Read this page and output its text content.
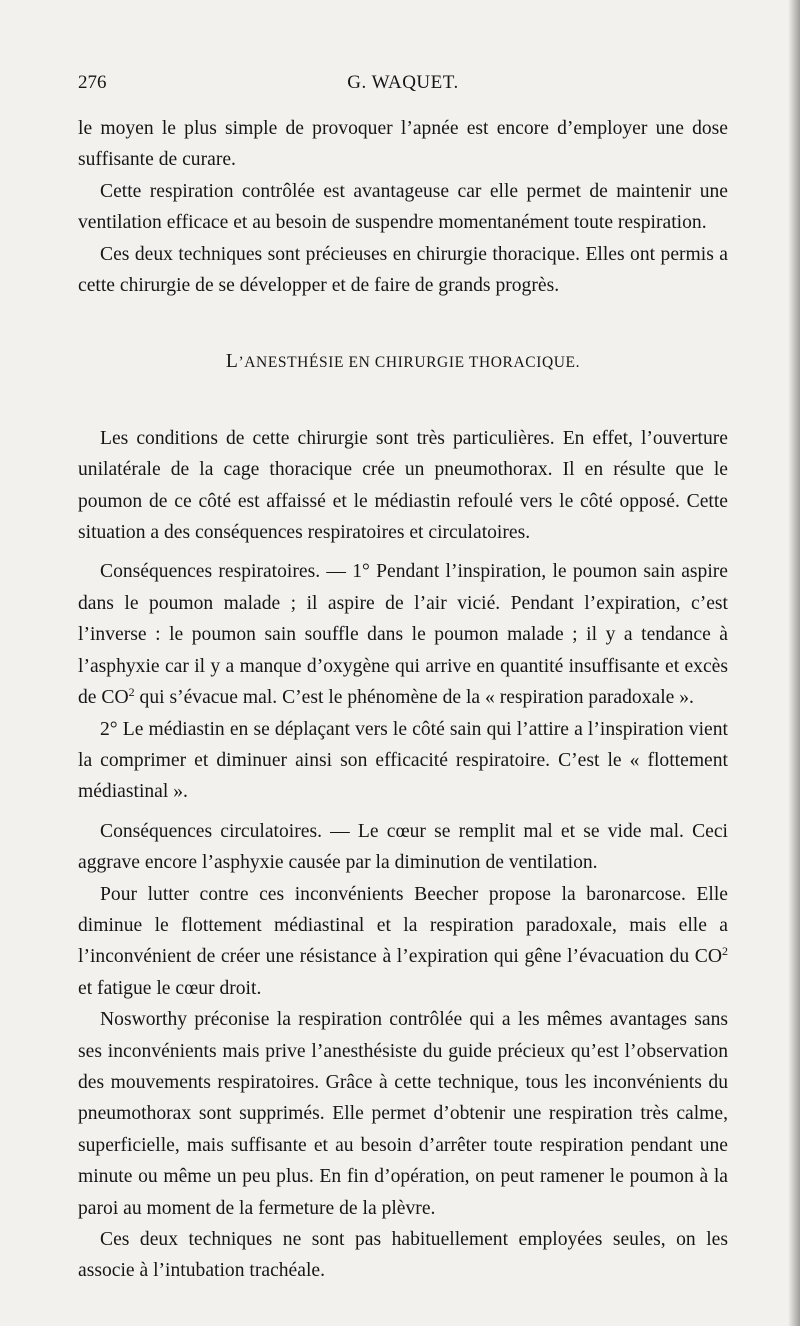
276	G. WAQUET.

le moyen le plus simple de provoquer l’apnée est encore d’employer une dose suffisante de curare.

Cette respiration contrôlée est avantageuse car elle permet de maintenir une ventilation efficace et au besoin de suspendre momentanément toute respiration.

Ces deux techniques sont précieuses en chirurgie thoracique. Elles ont permis a cette chirurgie de se développer et de faire de grands progrès.

L’ANESTHÉSIE EN CHIRURGIE THORACIQUE.

Les conditions de cette chirurgie sont très particulières. En effet, l’ouverture unilatérale de la cage thoracique crée un pneumothorax. Il en résulte que le poumon de ce côté est affaissé et le médiastin refoulé vers le côté opposé. Cette situation a des conséquences respiratoires et circulatoires.

Conséquences respiratoires. — 1° Pendant l’inspiration, le poumon sain aspire dans le poumon malade ; il aspire de l’air vicié. Pendant l’expiration, c’est l’inverse : le poumon sain souffle dans le poumon malade ; il y a tendance à l’asphyxie car il y a manque d’oxygène qui arrive en quantité insuffisante et excès de $CO^2$ qui s’évacue mal. C’est le phénomène de la « respiration paradoxale ».

2° Le médiastin en se déplaçant vers le côté sain qui l’attire a l’inspiration vient la comprimer et diminuer ainsi son efficacité respiratoire. C’est le « flottement médiastinal ».

Conséquences circulatoires. — Le cœur se remplit mal et se vide mal. Ceci aggrave encore l’asphyxie causée par la diminution de ventilation.

Pour lutter contre ces inconvénients Beecher propose la baronarcose. Elle diminue le flottement médiastinal et la respiration paradoxale, mais elle a l’inconvénient de créer une résistance à l’expiration qui gêne l’évacuation du $CO^2$ et fatigue le cœur droit.

Nosworthy préconise la respiration contrôlée qui a les mêmes avantages sans ses inconvénients mais prive l’anesthésiste du guide précieux qu’est l’observation des mouvements respiratoires. Grâce à cette technique, tous les inconvénients du pneumothorax sont supprimés. Elle permet d’obtenir une respiration très calme, superficielle, mais suffisante et au besoin d’arrêter toute respiration pendant une minute ou même un peu plus. En fin d’opération, on peut ramener le poumon à la paroi au moment de la fermeture de la plèvre.

Ces deux techniques ne sont pas habituellement employées seules, on les associe à l’intubation trachéale.
